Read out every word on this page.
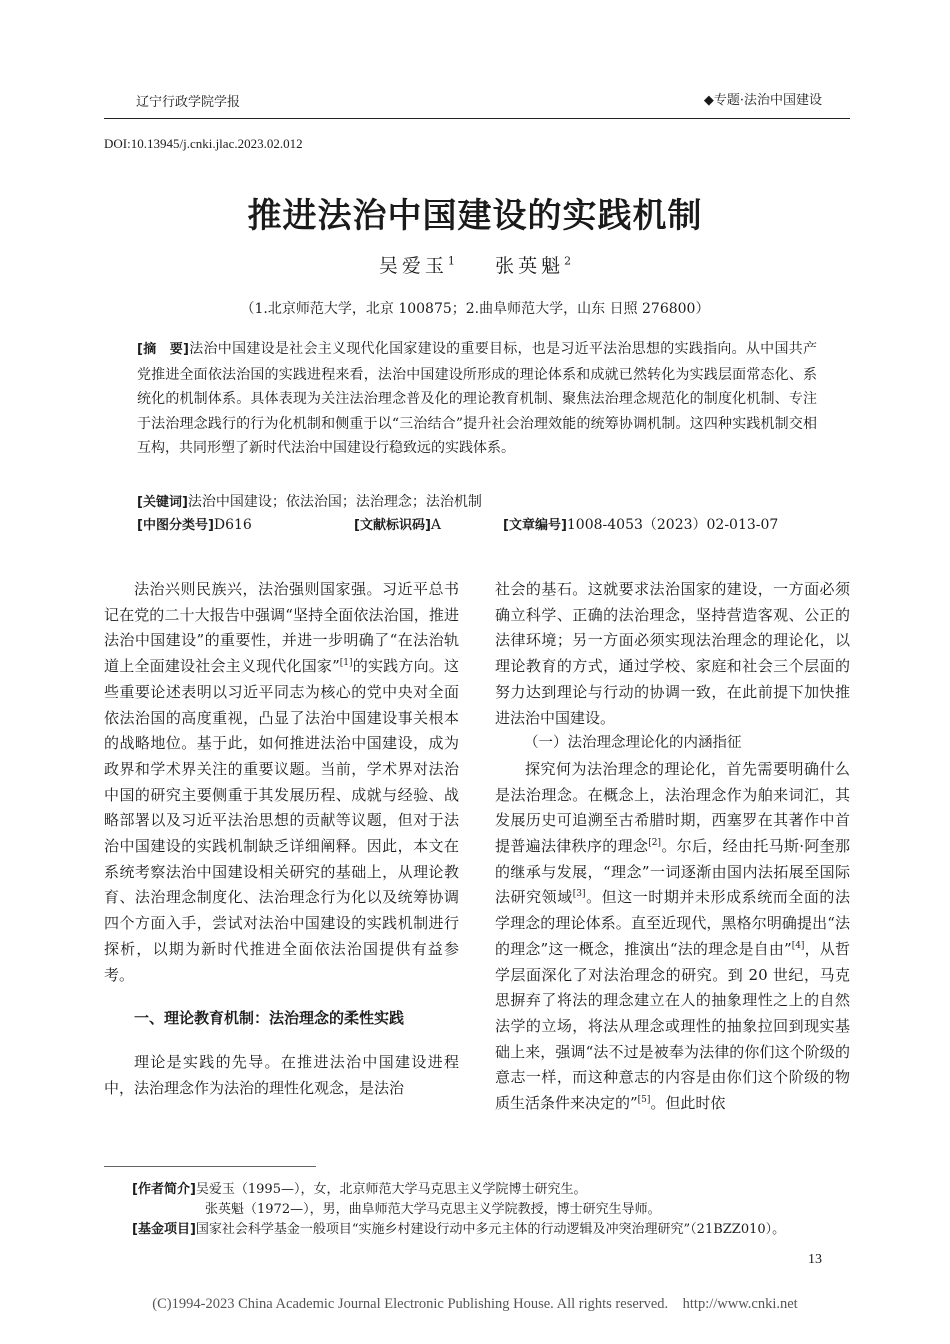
辽宁行政学院学报	◆专题·法治中国建设
DOI:10.13945/j.cnki.jlac.2023.02.012
推进法治中国建设的实践机制
吴爱玉$^1$ 张英魁$^2$
（1.北京师范大学，北京 100875；2.曲阜师范大学，山东 日照 276800）
[摘　要]法治中国建设是社会主义现代化国家建设的重要目标，也是习近平法治思想的实践指向。从中国共产党推进全面依法治国的实践进程来看，法治中国建设所形成的理论体系和成就已然转化为实践层面常态化、系统化的机制体系。具体表现为关注法治理念普及化的理论教育机制、聚焦法治理念规范化的制度化机制、专注于法治理念践行的行为化机制和侧重于以“三治结合”提升社会治理效能的统筹协调机制。这四种实践机制交相互构，共同形塑了新时代法治中国建设行稳致远的实践体系。
[关键词]法治中国建设；依法治国；法治理念；法治机制
[中图分类号]D616	[文献标识码]A	[文章编号]1008-4053（2023）02-013-07

法治兴则民族兴，法治强则国家强。习近平总书记在党的二十大报告中强调“坚持全面依法治国，推进法治中国建设”的重要性，并进一步明确了“在法治轨道上全面建设社会主义现代化国家”[1]的实践方向。这些重要论述表明以习近平同志为核心的党中央对全面依法治国的高度重视，凸显了法治中国建设事关根本的战略地位。基于此，如何推进法治中国建设，成为政界和学术界关注的重要议题。当前，学术界对法治中国的研究主要侧重于其发展历程、成就与经验、战略部署以及习近平法治思想的贡献等议题，但对于法治中国建设的实践机制缺乏详细阐释。因此，本文在系统考察法治中国建设相关研究的基础上，从理论教育、法治理念制度化、法治理念行为化以及统筹协调四个方面入手，尝试对法治中国建设的实践机制进行探析，以期为新时代推进全面依法治国提供有益参考。

一、理论教育机制：法治理念的柔性实践

理论是实践的先导。在推进法治中国建设进程中，法治理念作为法治的理性化观念，是法治

社会的基石。这就要求法治国家的建设，一方面必须确立科学、正确的法治理念，坚持营造客观、公正的法律环境；另一方面必须实现法治理念的理论化，以理论教育的方式，通过学校、家庭和社会三个层面的努力达到理论与行动的协调一致，在此前提下加快推进法治中国建设。

（一）法治理念理论化的内涵指征

探究何为法治理念的理论化，首先需要明确什么是法治理念。在概念上，法治理念作为舶来词汇，其发展历史可追溯至古希腊时期，西塞罗在其著作中首提普遍法律秩序的理念[2]。尔后，经由托马斯·阿奎那的继承与发展，“理念”一词逐渐由国内法拓展至国际法研究领域[3]。但这一时期并未形成系统而全面的法学理念的理论体系。直至近现代，黑格尔明确提出“法的理念”这一概念，推演出“法的理念是自由”[4]，从哲学层面深化了对法治理念的研究。到 20 世纪，马克思摒弃了将法的理念建立在人的抽象理性之上的自然法学的立场，将法从理念或理性的抽象拉回到现实基础上来，强调“法不过是被奉为法律的你们这个阶级的意志一样，而这种意志的内容是由你们这个阶级的物质生活条件来决定的”[5]。但此时依

[作者简介]吴爱玉（1995—），女，北京师范大学马克思主义学院博士研究生。
张英魁（1972—），男，曲阜师范大学马克思主义学院教授，博士研究生导师。
[基金项目]国家社会科学基金一般项目“实施乡村建设行动中多元主体的行动逻辑及冲突治理研究”（21BZZ010）。
13
(C)1994-2023 China Academic Journal Electronic Publishing House. All rights reserved.    http://www.cnki.net
